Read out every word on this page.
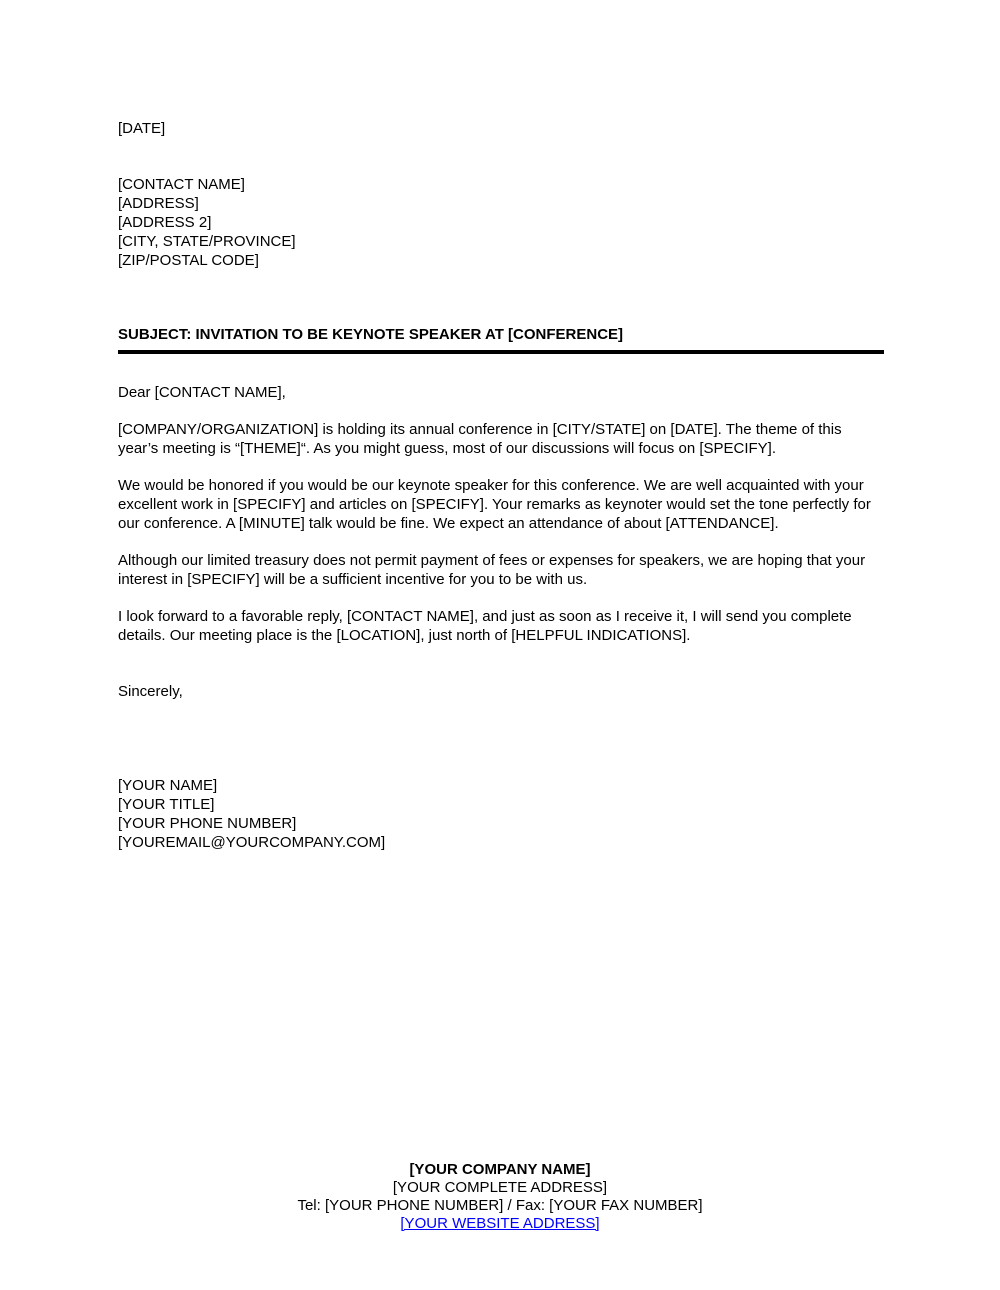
[DATE]
[CONTACT NAME]
[ADDRESS]
[ADDRESS 2]
[CITY, STATE/PROVINCE]
[ZIP/POSTAL CODE]
SUBJECT: INVITATION TO BE KEYNOTE SPEAKER AT [CONFERENCE]
Dear [CONTACT NAME],

[COMPANY/ORGANIZATION] is holding its annual conference in [CITY/STATE] on [DATE]. The theme of this year’s meeting is “[THEME]“. As you might guess, most of our discussions will focus on [SPECIFY].

We would be honored if you would be our keynote speaker for this conference. We are well acquainted with your excellent work in [SPECIFY] and articles on [SPECIFY]. Your remarks as keynoter would set the tone perfectly for our conference. A [MINUTE] talk would be fine. We expect an attendance of about [ATTENDANCE].

Although our limited treasury does not permit payment of fees or expenses for speakers, we are hoping that your interest in [SPECIFY] will be a sufficient incentive for you to be with us.

I look forward to a favorable reply, [CONTACT NAME], and just as soon as I receive it, I will send you complete details. Our meeting place is the [LOCATION], just north of [HELPFUL INDICATIONS].

Sincerely,
[YOUR NAME]
[YOUR TITLE]
[YOUR PHONE NUMBER]
[YOUREMAIL@YOURCOMPANY.COM]
[YOUR COMPANY NAME]
[YOUR COMPLETE ADDRESS]
Tel: [YOUR PHONE NUMBER] / Fax: [YOUR FAX NUMBER]
[YOUR WEBSITE ADDRESS]
